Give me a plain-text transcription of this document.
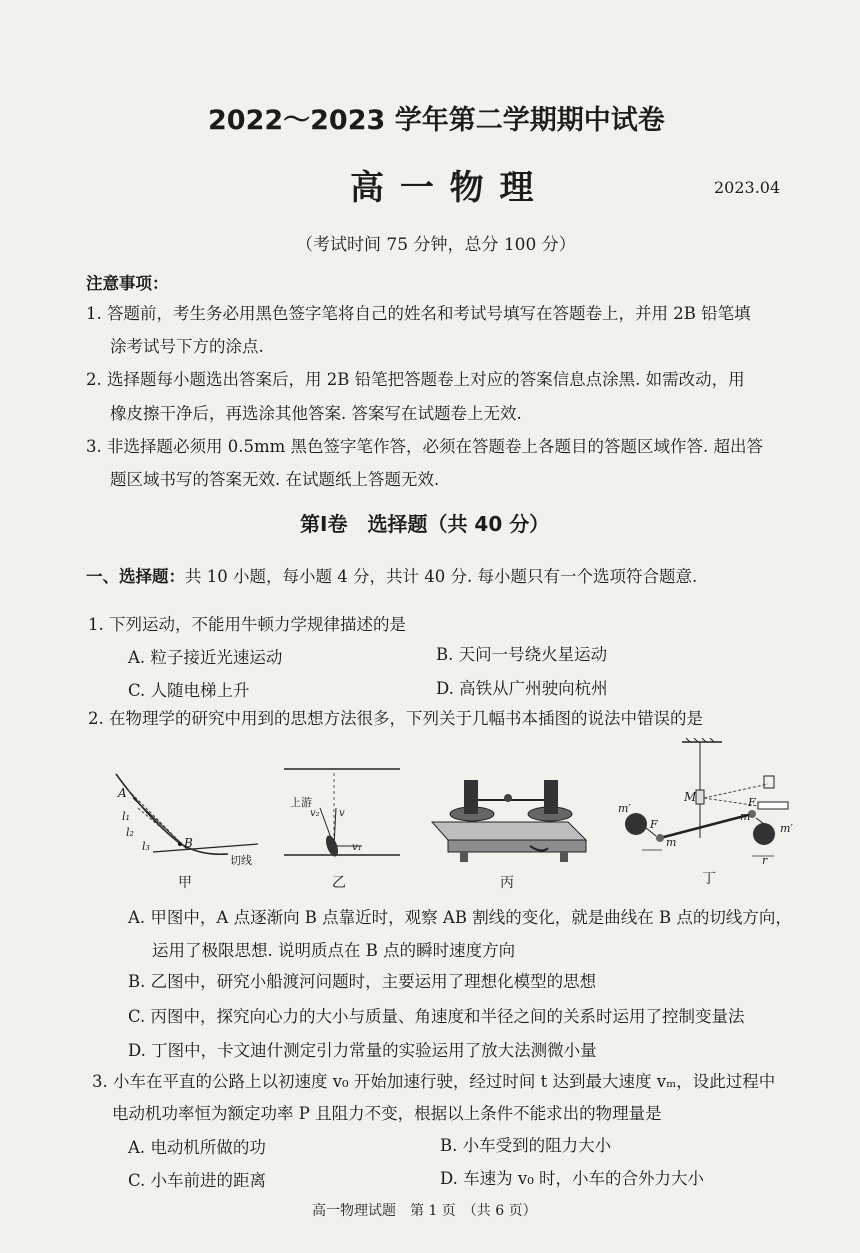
2022～2023 学年第二学期期中试卷
高 一 物 理	2023.04
（考试时间 75 分钟，总分 100 分）
注意事项：
1. 答题前，考生务必用黑色签字笔将自己的姓名和考试号填写在答题卷上，并用 2B 铅笔填
涂考试号下方的涂点.
2. 选择题每小题选出答案后，用 2B 铅笔把答题卷上对应的答案信息点涂黑. 如需改动，用
橡皮擦干净后，再选涂其他答案. 答案写在试题卷上无效.
3. 非选择题必须用 0.5mm 黑色签字笔作答，必须在答题卷上各题目的答题区域作答. 超出答
题区域书写的答案无效. 在试题纸上答题无效.
第Ⅰ卷　选择题（共 40 分）
一、选择题：共 10 小题，每小题 4 分，共计 40 分. 每小题只有一个选项符合题意.
1. 下列运动，不能用牛顿力学规律描述的是
A. 粒子接近光速运动	B. 天问一号绕火星运动
C. 人随电梯上升	D. 高铁从广州驶向杭州
2. 在物理学的研究中用到的思想方法很多，下列关于几幅书本插图的说法中错误的是
A
l₁
l₂
l₃	B
切线
甲
上游
v₂ v
v₁
乙	丙
M
m′
F
m
m
F
m′
r
丁
A. 甲图中，A 点逐渐向 B 点靠近时，观察 AB 割线的变化，就是曲线在 B 点的切线方向，
运用了极限思想. 说明质点在 B 点的瞬时速度方向
B. 乙图中，研究小船渡河问题时，主要运用了理想化模型的思想
C. 丙图中，探究向心力的大小与质量、角速度和半径之间的关系时运用了控制变量法
D. 丁图中，卡文迪什测定引力常量的实验运用了放大法测微小量
3. 小车在平直的公路上以初速度 v₀ 开始加速行驶，经过时间 t 达到最大速度 vₘ，设此过程中
电动机功率恒为额定功率 P 且阻力不变，根据以上条件不能求出的物理量是
A. 电动机所做的功	B. 小车受到的阻力大小
C. 小车前进的距离	D. 车速为 v₀ 时，小车的合外力大小
高一物理试题　第 1 页　（共 6 页）
